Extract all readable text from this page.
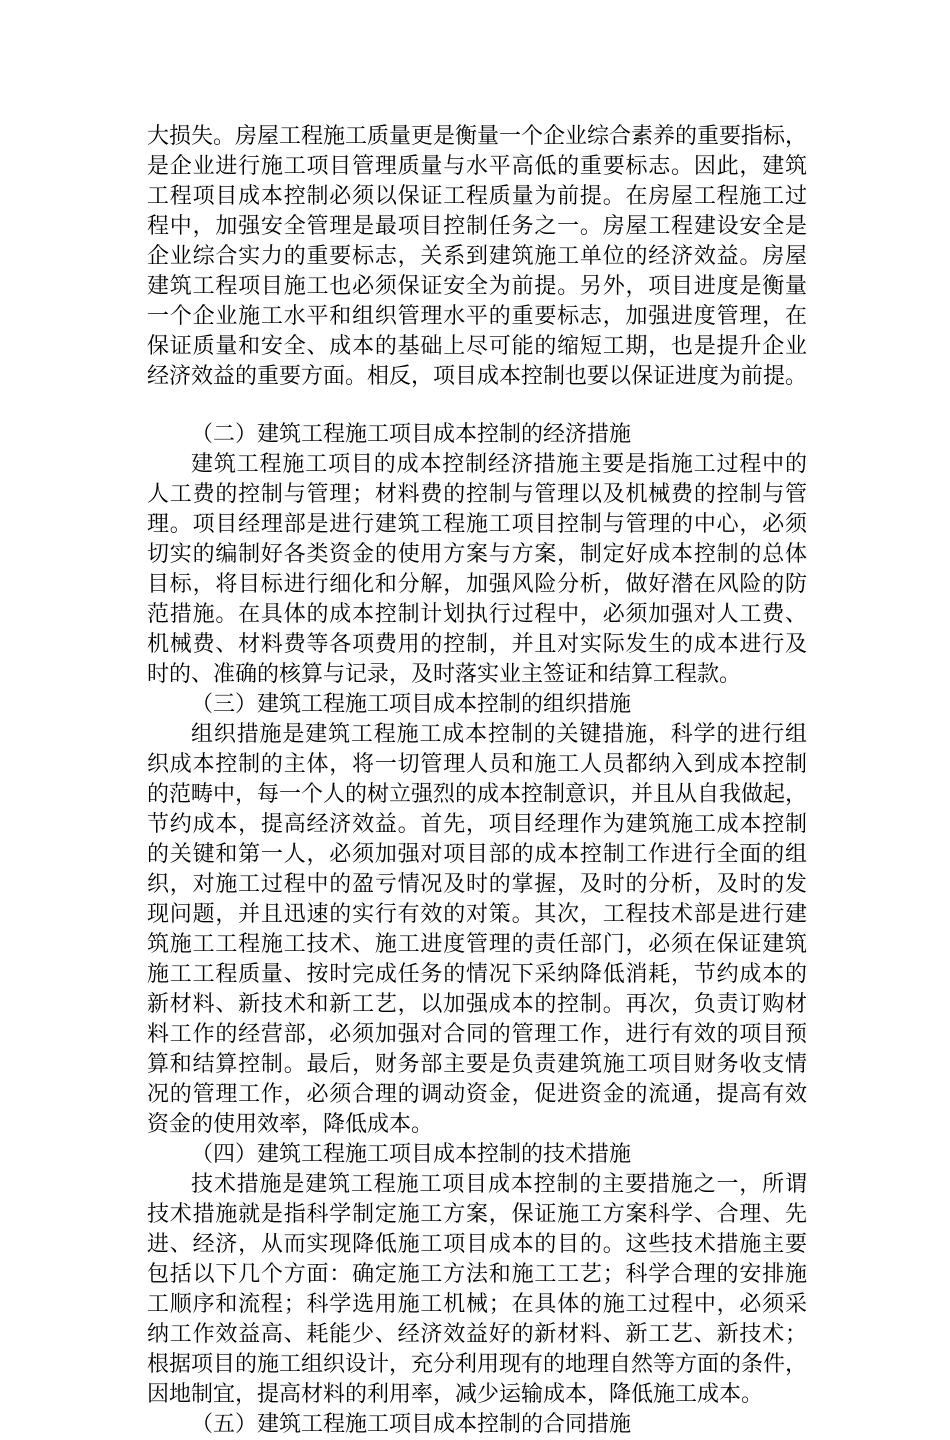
大损失。房屋工程施工质量更是衡量一个企业综合素养的重要指标，
是企业进行施工项目管理质量与水平高低的重要标志。因此，建筑
工程项目成本控制必须以保证工程质量为前提。在房屋工程施工过
程中，加强安全管理是最项目控制任务之一。房屋工程建设安全是
企业综合实力的重要标志，关系到建筑施工单位的经济效益。房屋
建筑工程项目施工也必须保证安全为前提。另外，项目进度是衡量
一个企业施工水平和组织管理水平的重要标志，加强进度管理，在
保证质量和安全、成本的基础上尽可能的缩短工期，也是提升企业
经济效益的重要方面。相反，项目成本控制也要以保证进度为前提。
（二）建筑工程施工项目成本控制的经济措施
建筑工程施工项目的成本控制经济措施主要是指施工过程中的
人工费的控制与管理；材料费的控制与管理以及机械费的控制与管
理。项目经理部是进行建筑工程施工项目控制与管理的中心，必须
切实的编制好各类资金的使用方案与方案，制定好成本控制的总体
目标，将目标进行细化和分解，加强风险分析，做好潜在风险的防
范措施。在具体的成本控制计划执行过程中，必须加强对人工费、
机械费、材料费等各项费用的控制，并且对实际发生的成本进行及
时的、准确的核算与记录，及时落实业主签证和结算工程款。
（三）建筑工程施工项目成本控制的组织措施
组织措施是建筑工程施工成本控制的关键措施，科学的进行组
织成本控制的主体，将一切管理人员和施工人员都纳入到成本控制
的范畴中，每一个人的树立强烈的成本控制意识，并且从自我做起，
节约成本，提高经济效益。首先，项目经理作为建筑施工成本控制
的关键和第一人，必须加强对项目部的成本控制工作进行全面的组
织，对施工过程中的盈亏情况及时的掌握，及时的分析，及时的发
现问题，并且迅速的实行有效的对策。其次，工程技术部是进行建
筑施工工程施工技术、施工进度管理的责任部门，必须在保证建筑
施工工程质量、按时完成任务的情况下采纳降低消耗，节约成本的
新材料、新技术和新工艺，以加强成本的控制。再次，负责订购材
料工作的经营部，必须加强对合同的管理工作，进行有效的项目预
算和结算控制。最后，财务部主要是负责建筑施工项目财务收支情
况的管理工作，必须合理的调动资金，促进资金的流通，提高有效
资金的使用效率，降低成本。
（四）建筑工程施工项目成本控制的技术措施
技术措施是建筑工程施工项目成本控制的主要措施之一，所谓
技术措施就是指科学制定施工方案，保证施工方案科学、合理、先
进、经济，从而实现降低施工项目成本的目的。这些技术措施主要
包括以下几个方面：确定施工方法和施工工艺；科学合理的安排施
工顺序和流程；科学选用施工机械；在具体的施工过程中，必须采
纳工作效益高、耗能少、经济效益好的新材料、新工艺、新技术；
根据项目的施工组织设计，充分利用现有的地理自然等方面的条件，
因地制宜，提高材料的利用率，减少运输成本，降低施工成本。
（五）建筑工程施工项目成本控制的合同措施
